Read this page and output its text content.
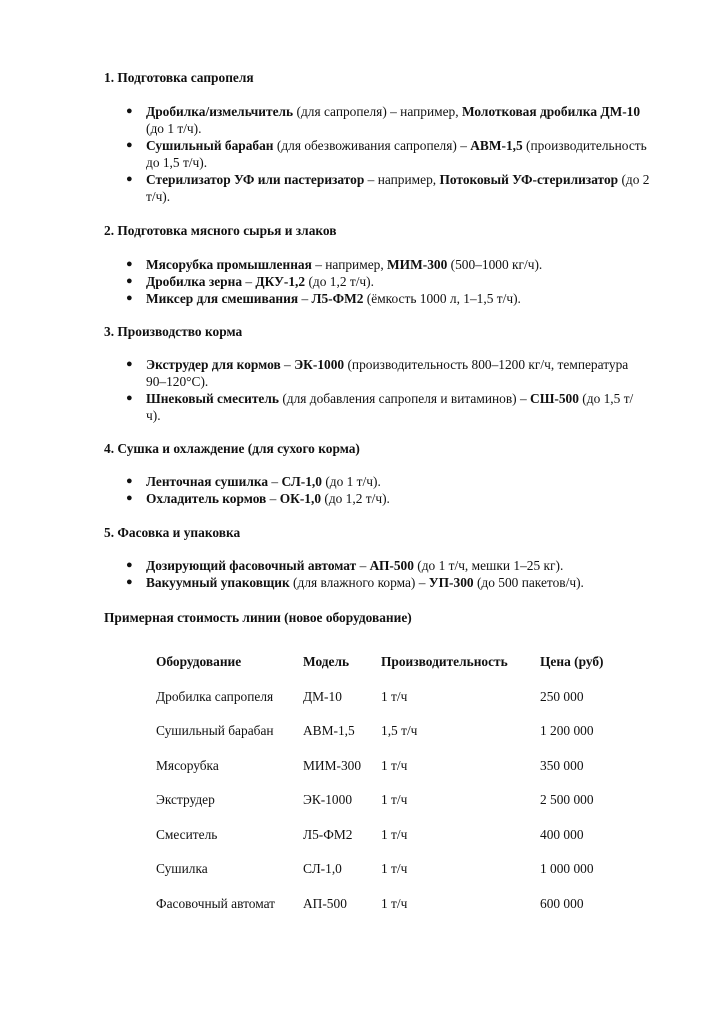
1. Подготовка сапропеля
● Дробилка/измельчитель (для сапропеля) – например, Молотковая дробилка ДМ-10 (до 1 т/ч).
● Сушильный барабан (для обезвоживания сапропеля) – АВМ-1,5 (производительность до 1,5 т/ч).
● Стерилизатор УФ или пастеризатор – например, Потоковый УФ-стерилизатор (до 2 т/ч).
2. Подготовка мясного сырья и злаков
● Мясорубка промышленная – например, МИМ-300 (500–1000 кг/ч).
● Дробилка зерна – ДКУ-1,2 (до 1,2 т/ч).
● Миксер для смешивания – Л5-ФМ2 (ёмкость 1000 л, 1–1,5 т/ч).
3. Производство корма
● Экструдер для кормов – ЭК-1000 (производительность 800–1200 кг/ч, температура 90–120°C).
● Шнековый смеситель (для добавления сапропеля и витаминов) – СШ-500 (до 1,5 т/ч).
4. Сушка и охлаждение (для сухого корма)
● Ленточная сушилка – СЛ-1,0 (до 1 т/ч).
● Охладитель кормов – ОК-1,0 (до 1,2 т/ч).
5. Фасовка и упаковка
● Дозирующий фасовочный автомат – АП-500 (до 1 т/ч, мешки 1–25 кг).
● Вакуумный упаковщик (для влажного корма) – УП-300 (до 500 пакетов/ч).
Примерная стоимость линии (новое оборудование)
Оборудование	Модель	Производительность	Цена (руб)
Дробилка сапропеля	ДМ-10	1 т/ч	250 000
Сушильный барабан	АВМ-1,5	1,5 т/ч	1 200 000
Мясорубка	МИМ-300	1 т/ч	350 000
Экструдер	ЭК-1000	1 т/ч	2 500 000
Смеситель	Л5-ФМ2	1 т/ч	400 000
Сушилка	СЛ-1,0	1 т/ч	1 000 000
Фасовочный автомат	АП-500	1 т/ч	600 000
